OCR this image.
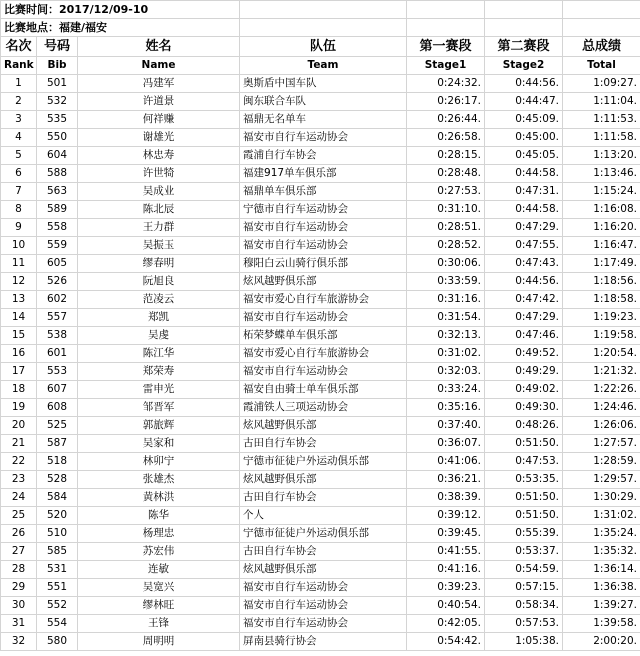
比赛时间：2017/12/09-10						
比赛地点：福建/福安						
名次	号码	姓名	队伍	第一赛段	第二赛段	总成绩
Rank	Bib	Name	Team	Stage1	Stage2	Total
1	501	冯建军	奥斯盾中国车队	0:24:32.	0:44:56.	1:09:27.
2	532	许道景	闽东联合车队	0:26:17.	0:44:47.	1:11:04.
3	535	何祥赚	福鼎无名单车	0:26:44.	0:45:09.	1:11:53.
4	550	谢雄光	福安市自行车运动协会	0:26:58.	0:45:00.	1:11:58.
5	604	林忠寿	霞浦自行车协会	0:28:15.	0:45:05.	1:13:20.
6	588	许世犄	福建917单车俱乐部	0:28:48.	0:44:58.	1:13:46.
7	563	吴成业	福鼎单车俱乐部	0:27:53.	0:47:31.	1:15:24.
8	589	陈北辰	宁德市自行车运动协会	0:31:10.	0:44:58.	1:16:08.
9	558	王力群	福安市自行车运动协会	0:28:51.	0:47:29.	1:16:20.
10	559	吴振玉	福安市自行车运动协会	0:28:52.	0:47:55.	1:16:47.
11	605	缪春明	穆阳白云山骑行俱乐部	0:30:06.	0:47:43.	1:17:49.
12	526	阮旭良	炫风越野俱乐部	0:33:59.	0:44:56.	1:18:56.
13	602	范凌云	福安市爱心自行车旅游协会	0:31:16.	0:47:42.	1:18:58.
14	557	郑凯	福安市自行车运动协会	0:31:54.	0:47:29.	1:19:23.
15	538	吴虔	柘荣梦蝶单车俱乐部	0:32:13.	0:47:46.	1:19:58.
16	601	陈江华	福安市爱心自行车旅游协会	0:31:02.	0:49:52.	1:20:54.
17	553	郑荣寿	福安市自行车运动协会	0:32:03.	0:49:29.	1:21:32.
18	607	雷申光	福安自由骑士单车俱乐部	0:33:24.	0:49:02.	1:22:26.
19	608	邹晋军	霞浦铁人三项运动协会	0:35:16.	0:49:30.	1:24:46.
20	525	郭旅辉	炫风越野俱乐部	0:37:40.	0:48:26.	1:26:06.
21	587	吴家和	古田自行车协会	0:36:07.	0:51:50.	1:27:57.
22	518	林卯宁	宁德市征徒户外运动俱乐部	0:41:06.	0:47:53.	1:28:59.
23	528	张雄杰	炫风越野俱乐部	0:36:21.	0:53:35.	1:29:57.
24	584	黄林洪	古田自行车协会	0:38:39.	0:51:50.	1:30:29.
25	520	陈华	个人	0:39:12.	0:51:50.	1:31:02.
26	510	杨理忠	宁德市征徒户外运动俱乐部	0:39:45.	0:55:39.	1:35:24.
27	585	苏宏伟	古田自行车协会	0:41:55.	0:53:37.	1:35:32.
28	531	连敏	炫风越野俱乐部	0:41:16.	0:54:59.	1:36:14.
29	551	吴宽兴	福安市自行车运动协会	0:39:23.	0:57:15.	1:36:38.
30	552	缪林旺	福安市自行车运动协会	0:40:54.	0:58:34.	1:39:27.
31	554	王锋	福安市自行车运动协会	0:42:05.	0:57:53.	1:39:58.
32	580	周明明	屏南县骑行协会	0:54:42.	1:05:38.	2:00:20.
